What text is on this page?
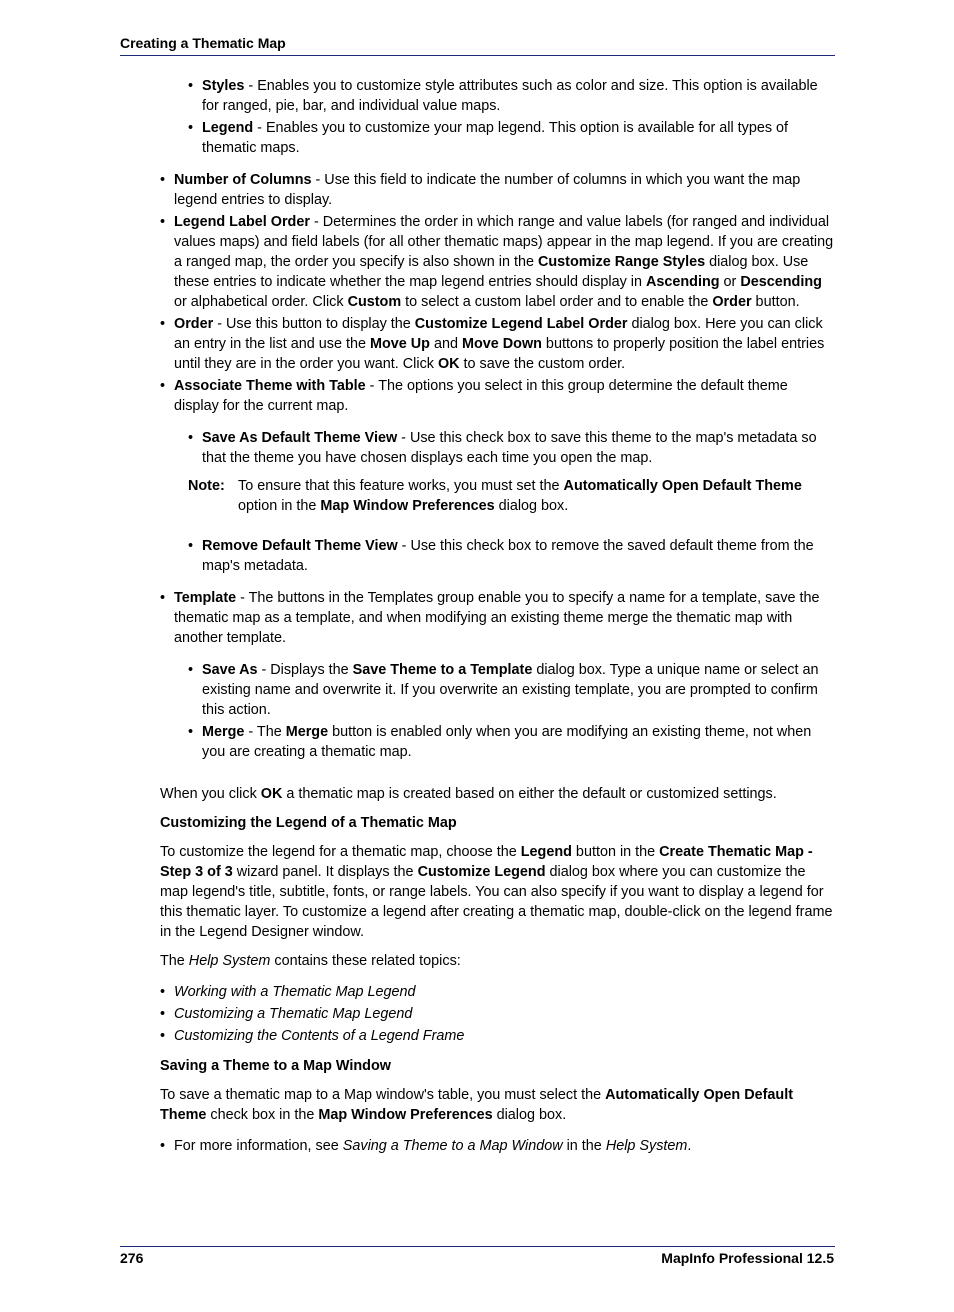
Creating a Thematic Map
• Styles - Enables you to customize style attributes such as color and size. This option is available for ranged, pie, bar, and individual value maps.
• Legend - Enables you to customize your map legend. This option is available for all types of thematic maps.
• Number of Columns - Use this field to indicate the number of columns in which you want the map legend entries to display.
• Legend Label Order - Determines the order in which range and value labels (for ranged and individual values maps) and field labels (for all other thematic maps) appear in the map legend. If you are creating a ranged map, the order you specify is also shown in the Customize Range Styles dialog box. Use these entries to indicate whether the map legend entries should display in Ascending or Descending or alphabetical order. Click Custom to select a custom label order and to enable the Order button.
• Order - Use this button to display the Customize Legend Label Order dialog box. Here you can click an entry in the list and use the Move Up and Move Down buttons to properly position the label entries until they are in the order you want. Click OK to save the custom order.
• Associate Theme with Table - The options you select in this group determine the default theme display for the current map.
• Save As Default Theme View - Use this check box to save this theme to the map's metadata so that the theme you have chosen displays each time you open the map.
Note: To ensure that this feature works, you must set the Automatically Open Default Theme option in the Map Window Preferences dialog box.
• Remove Default Theme View - Use this check box to remove the saved default theme from the map's metadata.
• Template - The buttons in the Templates group enable you to specify a name for a template, save the thematic map as a template, and when modifying an existing theme merge the thematic map with another template.
• Save As - Displays the Save Theme to a Template dialog box. Type a unique name or select an existing name and overwrite it. If you overwrite an existing template, you are prompted to confirm this action.
• Merge - The Merge button is enabled only when you are modifying an existing theme, not when you are creating a thematic map.

When you click OK a thematic map is created based on either the default or customized settings.

Customizing the Legend of a Thematic Map

To customize the legend for a thematic map, choose the Legend button in the Create Thematic Map - Step 3 of 3 wizard panel. It displays the Customize Legend dialog box where you can customize the map legend's title, subtitle, fonts, or range labels. You can also specify if you want to display a legend for this thematic layer. To customize a legend after creating a thematic map, double-click on the legend frame in the Legend Designer window.

The Help System contains these related topics:

• Working with a Thematic Map Legend
• Customizing a Thematic Map Legend
• Customizing the Contents of a Legend Frame
Saving a Theme to a Map Window

To save a thematic map to a Map window's table, you must select the Automatically Open Default Theme check box in the Map Window Preferences dialog box.

• For more information, see Saving a Theme to a Map Window in the Help System.
276	MapInfo Professional 12.5
